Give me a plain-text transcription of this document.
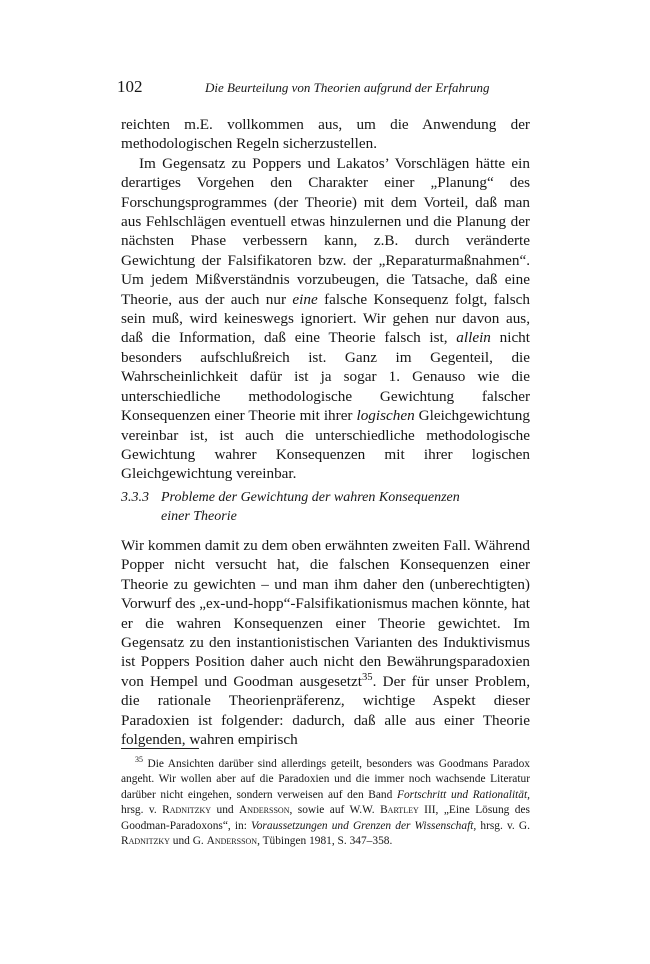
102	Die Beurteilung von Theorien aufgrund der Erfahrung

reichten m.E. vollkommen aus, um die Anwendung der methodologischen Regeln sicherzustellen.

Im Gegensatz zu Poppers und Lakatos’ Vorschlägen hätte ein derartiges Vorgehen den Charakter einer „Planung“ des Forschungsprogrammes (der Theorie) mit dem Vorteil, daß man aus Fehlschlägen eventuell etwas hinzulernen und die Planung der nächsten Phase verbessern kann, z.B. durch veränderte Gewichtung der Falsifikatoren bzw. der „Reparaturmaßnahmen“. Um jedem Mißverständnis vorzubeugen, die Tatsache, daß eine Theorie, aus der auch nur eine falsche Konsequenz folgt, falsch sein muß, wird keineswegs ignoriert. Wir gehen nur davon aus, daß die Information, daß eine Theorie falsch ist, allein nicht besonders aufschlußreich ist. Ganz im Gegenteil, die Wahrscheinlichkeit dafür ist ja sogar 1. Genauso wie die unterschiedliche methodologische Gewichtung falscher Konsequenzen einer Theorie mit ihrer logischen Gleichgewichtung vereinbar ist, ist auch die unterschiedliche methodologische Gewichtung wahrer Konsequenzen mit ihrer logischen Gleichgewichtung vereinbar.

3.3.3 Probleme der Gewichtung der wahren Konsequenzen
einer Theorie

Wir kommen damit zu dem oben erwähnten zweiten Fall. Während Popper nicht versucht hat, die falschen Konsequenzen einer Theorie zu gewichten – und man ihm daher den (unberechtigten) Vorwurf des „ex-und-hopp“-Falsifikationismus machen könnte, hat er die wahren Konsequenzen einer Theorie gewichtet. Im Gegensatz zu den instantionistischen Varianten des Induktivismus ist Poppers Position daher auch nicht den Bewährungsparadoxien von Hempel und Goodman ausgesetzt$^{35}$. Der für unser Problem, die rationale Theorienpräferenz, wichtige Aspekt dieser Paradoxien ist folgender: dadurch, daß alle aus einer Theorie folgenden, wahren empirisch

$^{35}$ Die Ansichten darüber sind allerdings geteilt, besonders was Goodmans Paradox angeht. Wir wollen aber auf die Paradoxien und die immer noch wachsende Literatur darüber nicht eingehen, sondern verweisen auf den Band Fortschritt und Rationalität, hrsg. v. Radnitzky und Andersson, sowie auf W.W. Bartley III, „Eine Lösung des Goodman-Paradoxons“, in: Voraussetzungen und Grenzen der Wissenschaft, hrsg. v. G. Radnitzky und G. Andersson, Tübingen 1981, S. 347–358.
